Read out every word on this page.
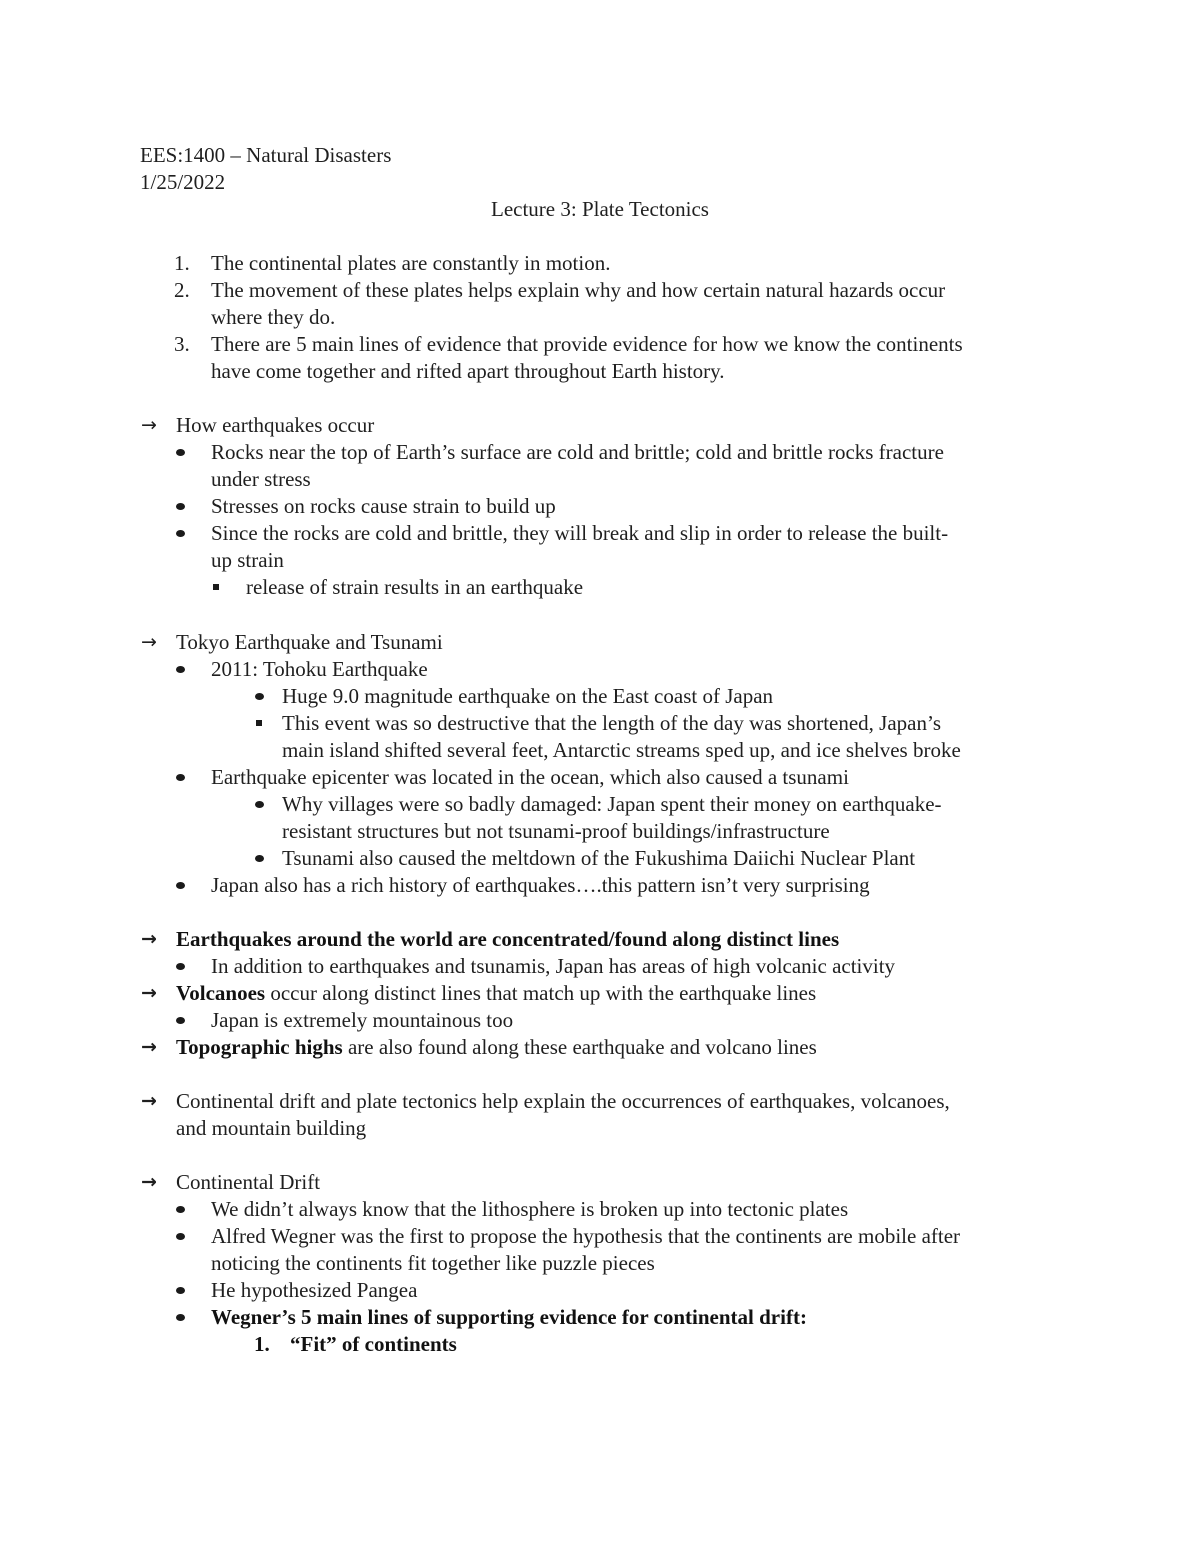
EES:1400 – Natural Disasters
1/25/2022
Lecture 3: Plate Tectonics
1. The continental plates are constantly in motion.
2. The movement of these plates helps explain why and how certain natural hazards occur
where they do.
3. There are 5 main lines of evidence that provide evidence for how we know the continents
have come together and rifted apart throughout Earth history.
→ How earthquakes occur
Rocks near the top of Earth’s surface are cold and brittle; cold and brittle rocks fracture
under stress
Stresses on rocks cause strain to build up
Since the rocks are cold and brittle, they will break and slip in order to release the built-
up strain
release of strain results in an earthquake
→ Tokyo Earthquake and Tsunami
2011: Tohoku Earthquake
Huge 9.0 magnitude earthquake on the East coast of Japan
This event was so destructive that the length of the day was shortened, Japan’s
main island shifted several feet, Antarctic streams sped up, and ice shelves broke
Earthquake epicenter was located in the ocean, which also caused a tsunami
Why villages were so badly damaged: Japan spent their money on earthquake-
resistant structures but not tsunami-proof buildings/infrastructure
Tsunami also caused the meltdown of the Fukushima Daiichi Nuclear Plant
Japan also has a rich history of earthquakes….this pattern isn’t very surprising
→ Earthquakes around the world are concentrated/found along distinct lines
In addition to earthquakes and tsunamis, Japan has areas of high volcanic activity
→ Volcanoes occur along distinct lines that match up with the earthquake lines
Japan is extremely mountainous too
→ Topographic highs are also found along these earthquake and volcano lines
→ Continental drift and plate tectonics help explain the occurrences of earthquakes, volcanoes,
and mountain building
→ Continental Drift
We didn’t always know that the lithosphere is broken up into tectonic plates
Alfred Wegner was the first to propose the hypothesis that the continents are mobile after
noticing the continents fit together like puzzle pieces
He hypothesized Pangea
Wegner’s 5 main lines of supporting evidence for continental drift:
1. “Fit” of continents
